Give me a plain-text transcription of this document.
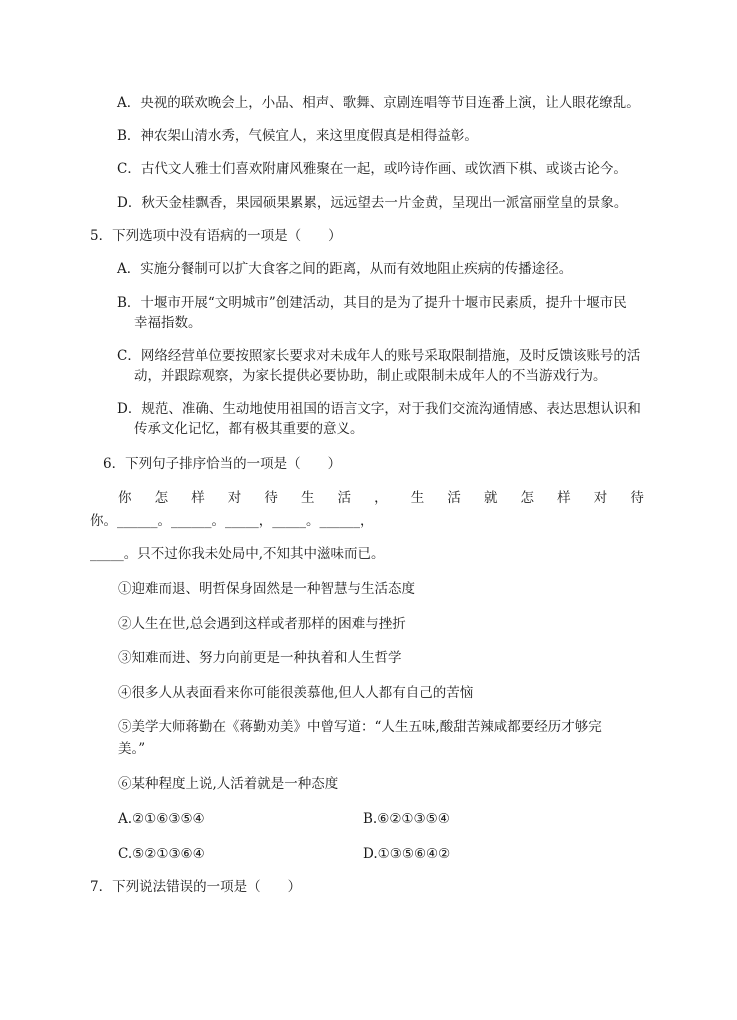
A．央视的联欢晚会上，小品、相声、歌舞、京剧连唱等节目连番上演，让人眼花缭乱。
B．神农架山清水秀，气候宜人，来这里度假真是相得益彰。
C．古代文人雅士们喜欢附庸风雅聚在一起，或吟诗作画、或饮酒下棋、或谈古论今。
D．秋天金桂飘香，果园硕果累累，远远望去一片金黄，呈现出一派富丽堂皇的景象。
5．下列选项中没有语病的一项是（　　）
A．实施分餐制可以扩大食客之间的距离，从而有效地阻止疾病的传播途径。
B．十堰市开展“文明城市”创建活动，其目的是为了提升十堰市民素质，提升十堰市民
幸福指数。
C．网络经营单位要按照家长要求对未成年人的账号采取限制措施，及时反馈该账号的活
动，并跟踪观察，为家长提供必要协助，制止或限制未成年人的不当游戏行为。
D．规范、准确、生动地使用祖国的语言文字，对于我们交流沟通情感、表达思想认识和
传承文化记忆，都有极其重要的意义。
6．下列句子排序恰当的一项是（　　）
你 怎 样 对 待 生 活 ， 生 活 就 怎 样 对 待
你。______。______。_____，_____。______，
_____。只不过你我未处局中,不知其中滋味而已。
①迎难而退、明哲保身固然是一种智慧与生活态度
②人生在世,总会遇到这样或者那样的困难与挫折
③知难而进、努力向前更是一种执着和人生哲学
④很多人从表面看来你可能很羡慕他,但人人都有自己的苦恼
⑤美学大师蒋勤在《蒋勤劝美》中曾写道：“人生五味,酸甜苦辣咸都要经历才够完
美。”
⑥某种程度上说,人活着就是一种态度
A.②①⑥③⑤④	B.⑥②①③⑤④
C.⑤②①③⑥④	D.①③⑤⑥④②
7．下列说法错误的一项是（　　）
